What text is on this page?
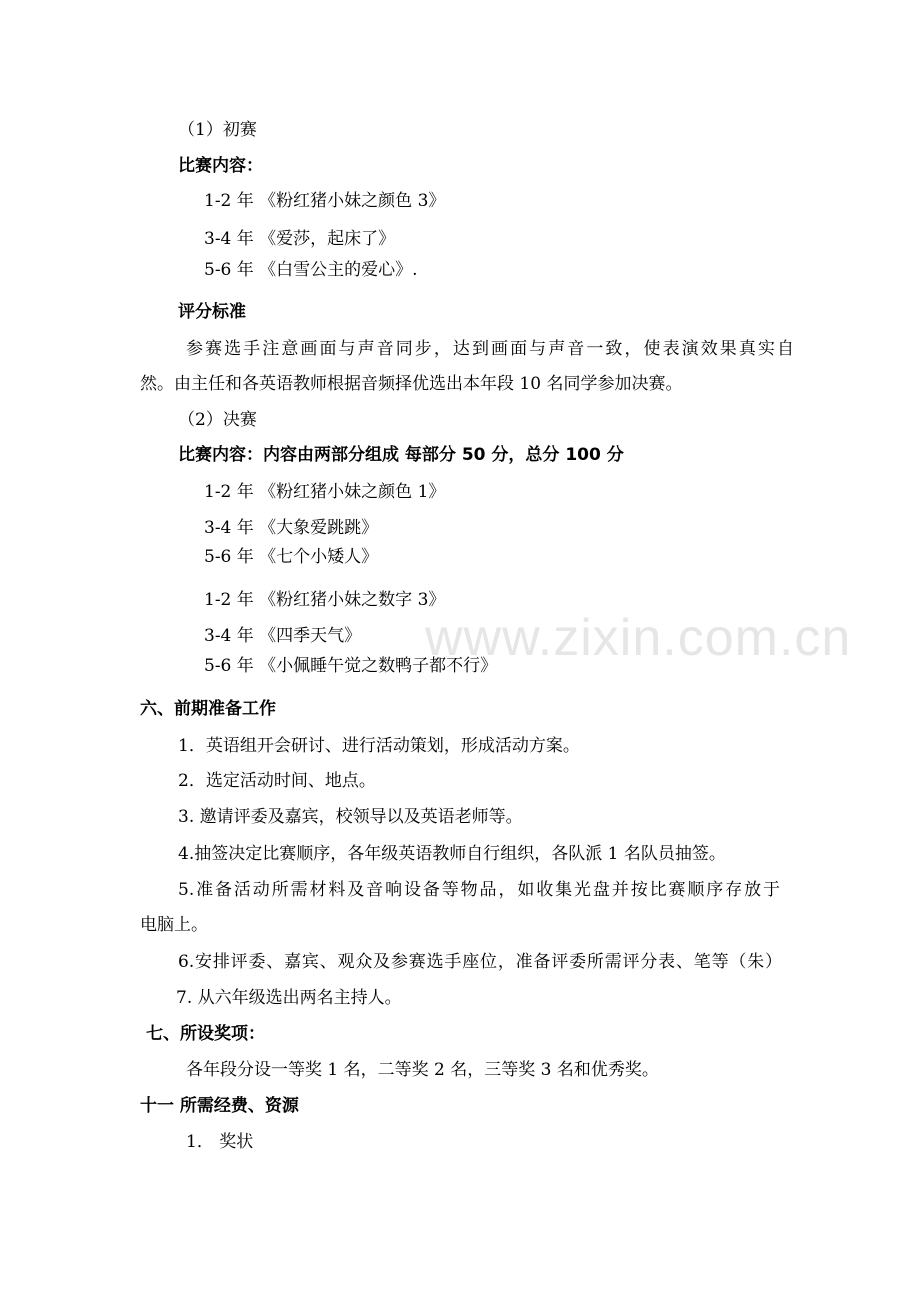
www.zixin.com.cn
（1）初赛
比赛内容：
1-2 年 《粉红猪小妹之颜色 3》
3-4 年 《爱莎，起床了》
5-6 年 《白雪公主的爱心》.
评分标准
参赛选手注意画面与声音同步，达到画面与声音一致，使表演效果真实自
然。由主任和各英语教师根据音频择优选出本年段 10 名同学参加决赛。
（2）决赛
比赛内容：内容由两部分组成 每部分 50 分，总分 100 分
1-2 年 《粉红猪小妹之颜色 1》
3-4 年 《大象爱跳跳》
5-6 年 《七个小矮人》
1-2 年 《粉红猪小妹之数字 3》
3-4 年 《四季天气》
5-6 年 《小佩睡午觉之数鸭子都不行》
六、前期准备工作
1．英语组开会研讨、进行活动策划，形成活动方案。
2．选定活动时间、地点。
3. 邀请评委及嘉宾，校领导以及英语老师等。
4.抽签决定比赛顺序，各年级英语教师自行组织，各队派 1 名队员抽签。
5.准备活动所需材料及音响设备等物品，如收集光盘并按比赛顺序存放于
电脑上。
6.安排评委、嘉宾、观众及参赛选手座位，准备评委所需评分表、笔等（朱）
7. 从六年级选出两名主持人。
七、所设奖项：
各年段分设一等奖 1 名，二等奖 2 名，三等奖 3 名和优秀奖。
十一 所需经费、资源
1． 奖状
